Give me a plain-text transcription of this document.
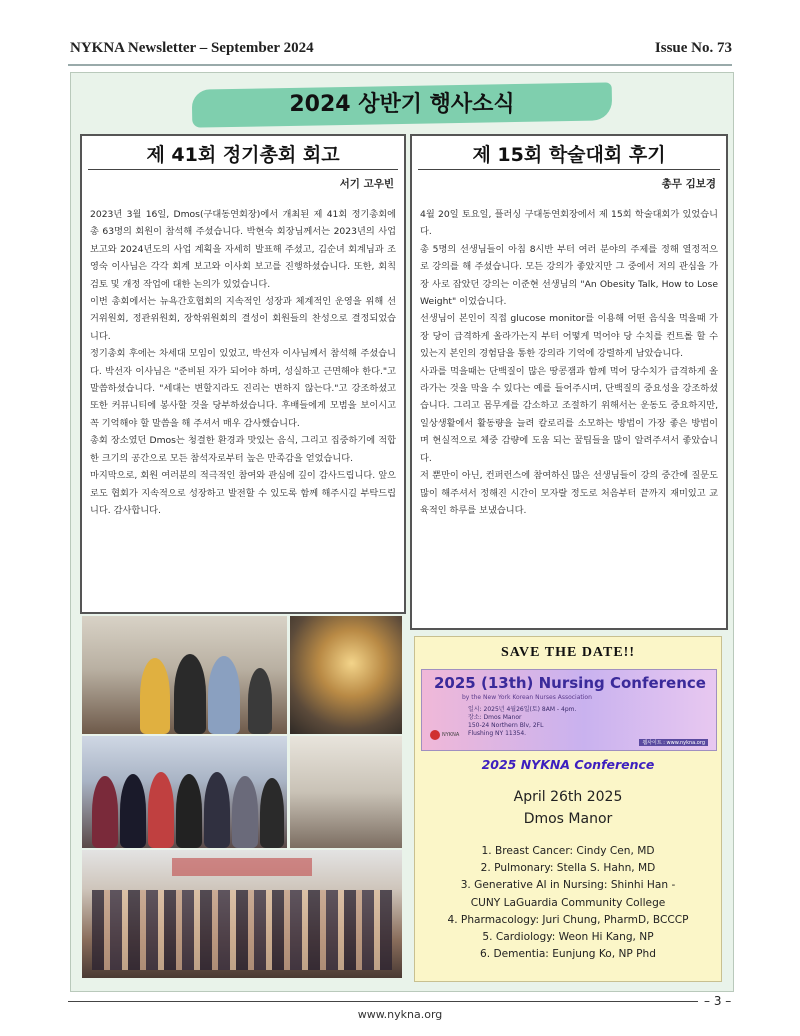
NYKNA Newsletter – September 2024	Issue No. 73
2024 상반기 행사소식
제 41회 정기총회 회고
서기 고우빈

2023년 3월 16일, Dmos(구대동연회장)에서 개최된 제 41회 정기총회에 총 63명의 회원이 참석해 주셨습니다. 박현숙 회장님께서는 2023년의 사업 보고와 2024년도의 사업 계획을 자세히 발표해 주셨고, 김순녀 회계님과 조영숙 이사님은 각각 회계 보고와 이사회 보고를 진행하셨습니다. 또한, 회칙 검토 및 개정 작업에 대한 논의가 있었습니다.

이번 총회에서는 뉴욕간호협회의 지속적인 성장과 체계적인 운영을 위해 선거위원회, 정관위원회, 장학위원회의 결성이 회원들의 찬성으로 결정되었습니다.

정기총회 후에는 차세대 모임이 있었고, 박선자 이사님께서 참석해 주셨습니다. 박선자 이사님은 "준비된 자가 되어야 하며, 성실하고 근면해야 한다."고 말씀하셨습니다. "세대는 변할지라도 진리는 변하지 않는다."고 강조하셨고 또한 커뮤니티에 봉사할 것을 당부하셨습니다. 후배들에게 모범을 보이시고 꼭 기억해야 할 말씀을 해 주셔서 매우 감사했습니다.

총회 장소였던 Dmos는 청결한 환경과 맛있는 음식, 그리고 집중하기에 적합한 크기의 공간으로 모든 참석자로부터 높은 만족감을 얻었습니다.

마지막으로, 회원 여러분의 적극적인 참여와 관심에 깊이 감사드립니다. 앞으로도 협회가 지속적으로 성장하고 발전할 수 있도록 함께 해주시길 부탁드립니다. 감사합니다.

제 15회 학술대회 후기
총무 김보경

4월 20일 토요일, 플러싱 구대동연회장에서 제 15회 학술대회가 있었습니다.

총 5명의 선생님들이 아침 8시반 부터 여러 분야의 주제를 정해 열정적으로 강의를 해 주셨습니다. 모든 강의가 좋았지만 그 중에서 저의 관심을 가장 사로 잡았던 강의는 이준현 선생님의 "An Obesity Talk, How to Lose Weight" 이었습니다.

선생님이 본인이 직접 glucose monitor를 이용해 어떤 음식을 먹을때 가장 당이 급격하게 올라가는지 부터 어떻게 먹어야 당 수치를 컨트롤 할 수 있는지 본인의 경험담을 통한 강의라 기억에 강렬하게 남았습니다.

사과를 먹을때는 단백질이 많은 땅콩잼과 함께 먹어 당수치가 급격하게 올라가는 것을 막을 수 있다는 예를 들어주시며, 단백질의 중요성을 강조하셨습니다. 그리고 몸무게를 감소하고 조절하기 위해서는 운동도 중요하지만, 일상생활에서 활동량을 늘려 칼로리를 소모하는 방법이 가장 좋은 방법이며 현실적으로 체중 감량에 도움 되는 꿀팁들을 많이 알려주셔서 좋았습니다.

저 뿐만이 아닌, 컨퍼런스에 참여하신 많은 선생님들이 강의 중간에 질문도 많이 해주셔서 정해진 시간이 모자랄 정도로 처음부터 끝까지 재미있고 교육적인 하루를 보냈습니다.

SAVE THE DATE!!
2025 (13th) Nursing Conference
by the New York Korean Nurses Association
일시: 2025년 4월26일(토) 8AM - 4pm.
장소: Dmos Manor
150-24 Northern Blv, 2FL
Flushing NY 11354.
NYKNA
웹사이트 : www.nykna.org
2025 NYKNA Conference
April 26th 2025
Dmos Manor
1. Breast Cancer: Cindy Cen, MD
2. Pulmonary: Stella S. Hahn, MD
3. Generative AI in Nursing: Shinhi Han -
CUNY LaGuardia Community College
4. Pharmacology: Juri Chung, PharmD, BCCCP
5. Cardiology: Weon Hi Kang, NP
6. Dementia: Eunjung Ko, NP Phd
– 3 –
www.nykna.org
